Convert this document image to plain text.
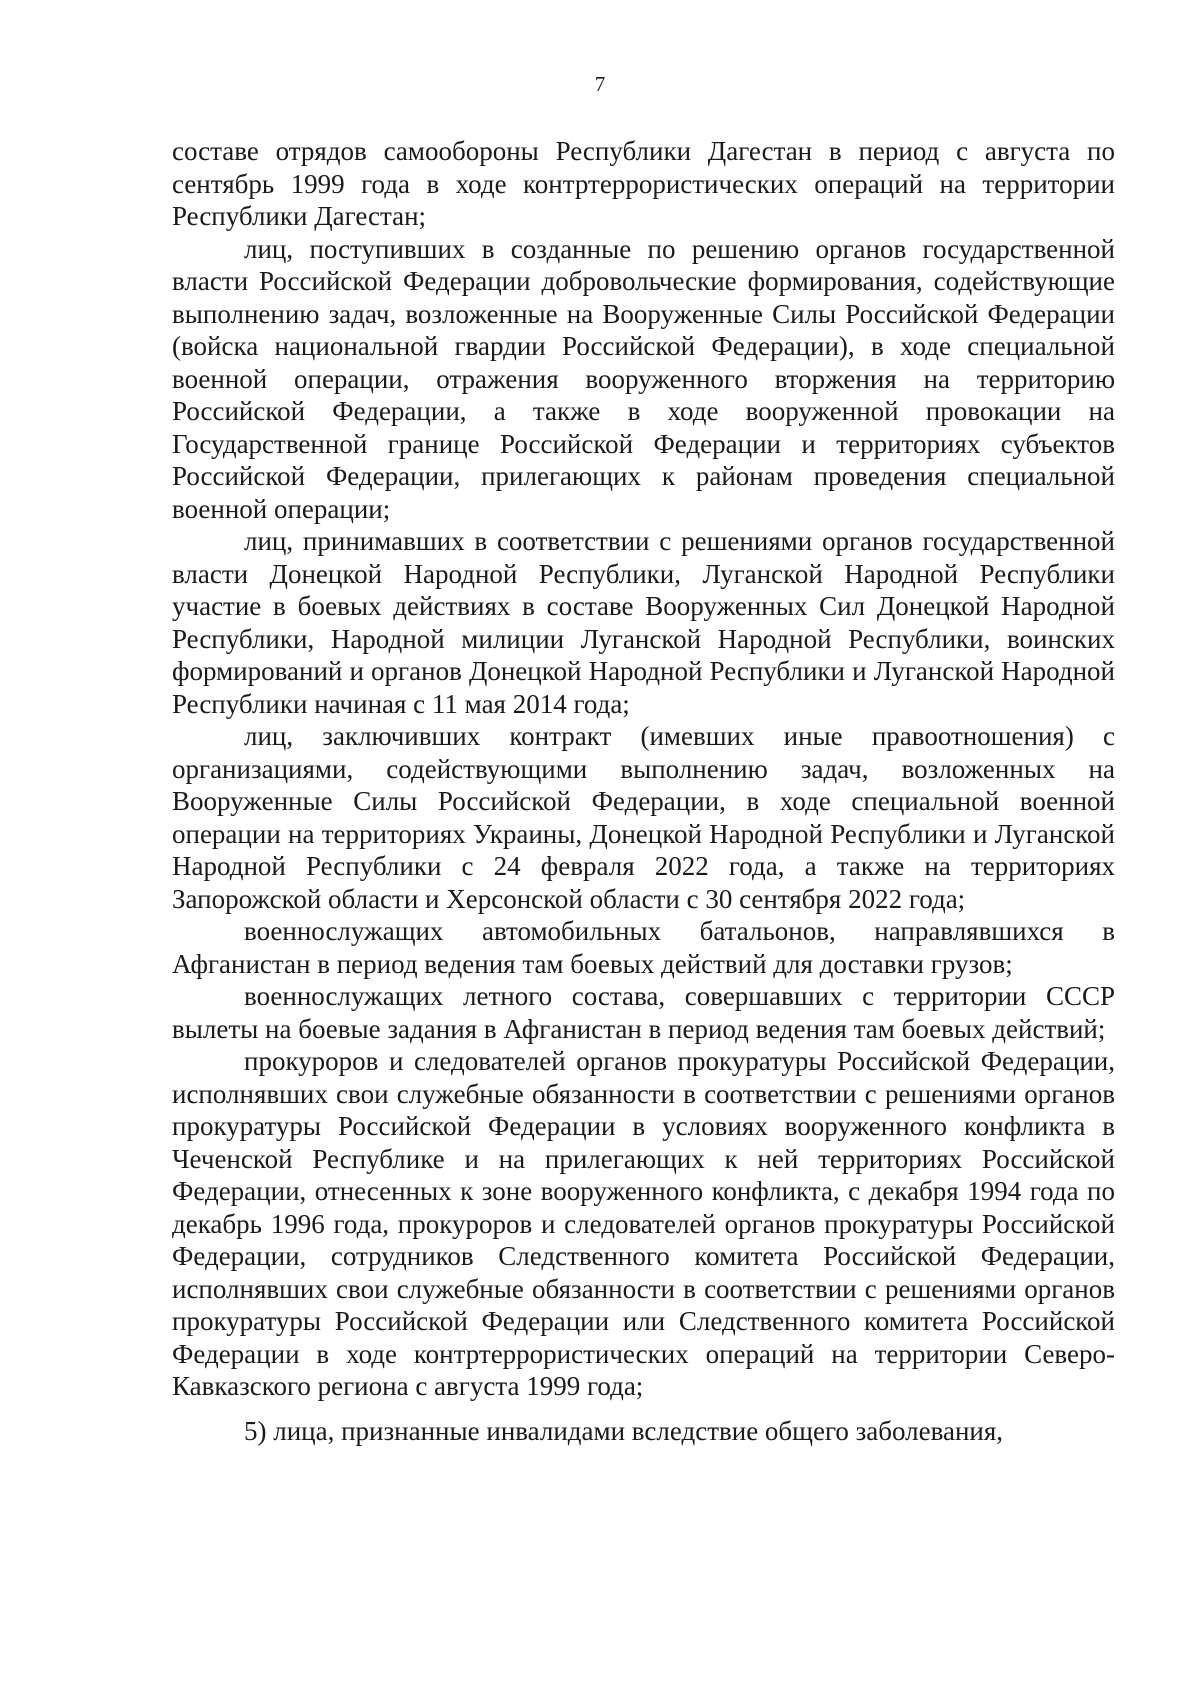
7

составе отрядов самообороны Республики Дагестан в период с августа по сентябрь 1999 года в ходе контртеррористических операций на территории Республики Дагестан;

лиц, поступивших в созданные по решению органов государственной власти Российской Федерации добровольческие формирования, содействующие выполнению задач, возложенные на Вооруженные Силы Российской Федерации (войска национальной гвардии Российской Федерации), в ходе специальной военной операции, отражения вооруженного вторжения на территорию Российской Федерации, а также в ходе вооруженной провокации на Государственной границе Российской Федерации и территориях субъектов Российской Федерации, прилегающих к районам проведения специальной военной операции;

лиц, принимавших в соответствии с решениями органов государственной власти Донецкой Народной Республики, Луганской Народной Республики участие в боевых действиях в составе Вооруженных Сил Донецкой Народной Республики, Народной милиции Луганской Народной Республики, воинских формирований и органов Донецкой Народной Республики и Луганской Народной Республики начиная с 11 мая 2014 года;

лиц, заключивших контракт (имевших иные правоотношения) с организациями, содействующими выполнению задач, возложенных на Вооруженные Силы Российской Федерации, в ходе специальной военной операции на территориях Украины, Донецкой Народной Республики и Луганской Народной Республики с 24 февраля 2022 года, а также на территориях Запорожской области и Херсонской области с 30 сентября 2022 года;

военнослужащих автомобильных батальонов, направлявшихся в Афганистан в период ведения там боевых действий для доставки грузов;

военнослужащих летного состава, совершавших с территории СССР вылеты на боевые задания в Афганистан в период ведения там боевых действий;

прокуроров и следователей органов прокуратуры Российской Федерации, исполнявших свои служебные обязанности в соответствии с решениями органов прокуратуры Российской Федерации в условиях вооруженного конфликта в Чеченской Республике и на прилегающих к ней территориях Российской Федерации, отнесенных к зоне вооруженного конфликта, с декабря 1994 года по декабрь 1996 года, прокуроров и следователей органов прокуратуры Российской Федерации, сотрудников Следственного комитета Российской Федерации, исполнявших свои служебные обязанности в соответствии с решениями органов прокуратуры Российской Федерации или Следственного комитета Российской Федерации в ходе контртеррористических операций на территории Северо-Кавказского региона с августа 1999 года;

5) лица, признанные инвалидами вследствие общего заболевания,
